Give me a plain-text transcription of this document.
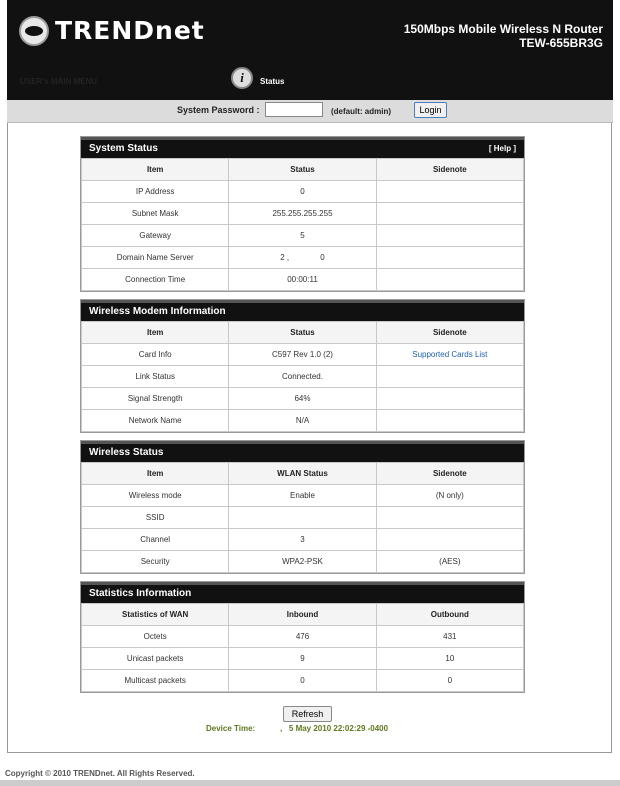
TRENDnet	150Mbps Mobile Wireless N Router
TEW-655BR3G
USER's MAIN MENU	i	Status
System Password :	(default: admin)	Login
System Status	[ Help ]
Item	Status	Sidenote
IP Address	0	
Subnet Mask	255.255.255.255	
Gateway	5	
Domain Name Server	2 ,              0	
Connection Time	00:00:11	
Wireless Modem Information
Item	Status	Sidenote
Card Info	C597 Rev 1.0 (2)	Supported Cards List
Link Status	Connected.	
Signal Strength	64%	
Network Name	N/A	
Wireless Status
Item	WLAN Status	Sidenote
Wireless mode	Enable	(N only)
SSID		
Channel	3	
Security	WPA2-PSK	(AES)
Statistics Information
Statistics of WAN	Inbound	Outbound
Octets	476	431
Unicast packets	9	10
Multicast packets	0	0
Refresh
Device Time:	,   5 May 2010 22:02:29 -0400
Copyright © 2010 TRENDnet. All Rights Reserved.
